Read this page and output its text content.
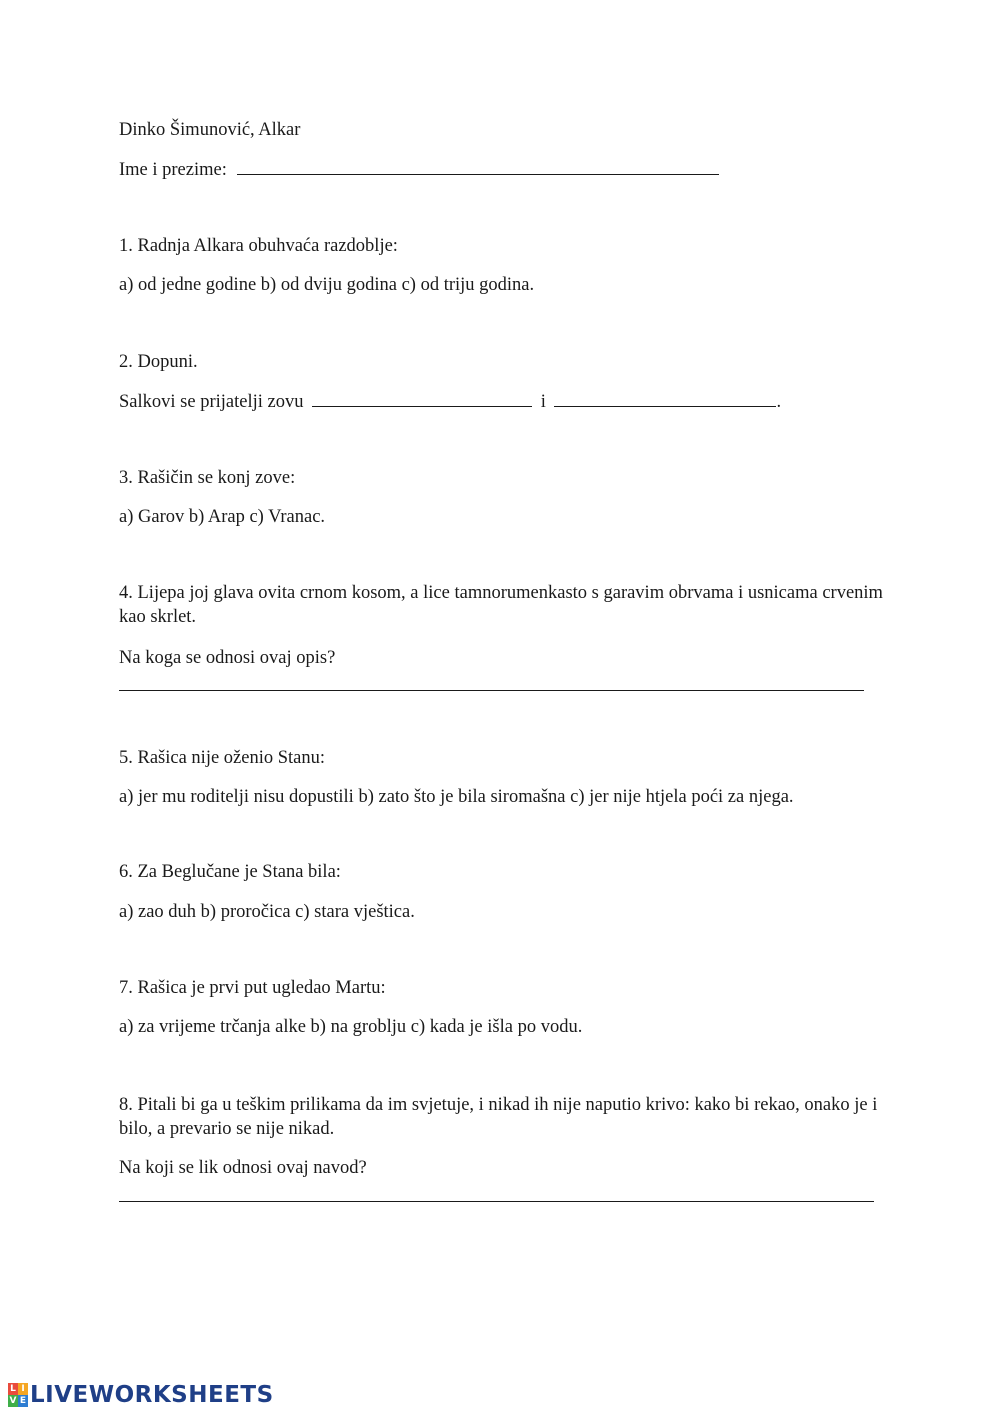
Dinko Šimunović, Alkar
Ime i prezime:
1. Radnja Alkara obuhvaća razdoblje:
a) od jedne godine b) od dviju godina c) od triju godina.
2. Dopuni.
Salkovi se prijatelji zovu	i	.
3. Rašičin se konj zove:
a) Garov b) Arap c) Vranac.
4. Lijepa joj glava ovita crnom kosom, a lice tamnorumenkasto s garavim obrvama i usnicama crvenim kao skrlet.
Na koga se odnosi ovaj opis?
5. Rašica nije oženio Stanu:
a) jer mu roditelji nisu dopustili b) zato što je bila siromašna c) jer nije htjela poći za njega.
6. Za Beglučane je Stana bila:
a) zao duh b) proročica c) stara vještica.
7. Rašica je prvi put ugledao Martu:
a) za vrijeme trčanja alke b) na groblju c) kada je išla po vodu.
8. Pitali bi ga u teškim prilikama da im svjetuje, i nikad ih nije naputio krivo: kako bi rekao, onako je i bilo, a prevario se nije nikad.
Na koji se lik odnosi ovaj navod?
L I
V E LIVEWORKSHEETS
